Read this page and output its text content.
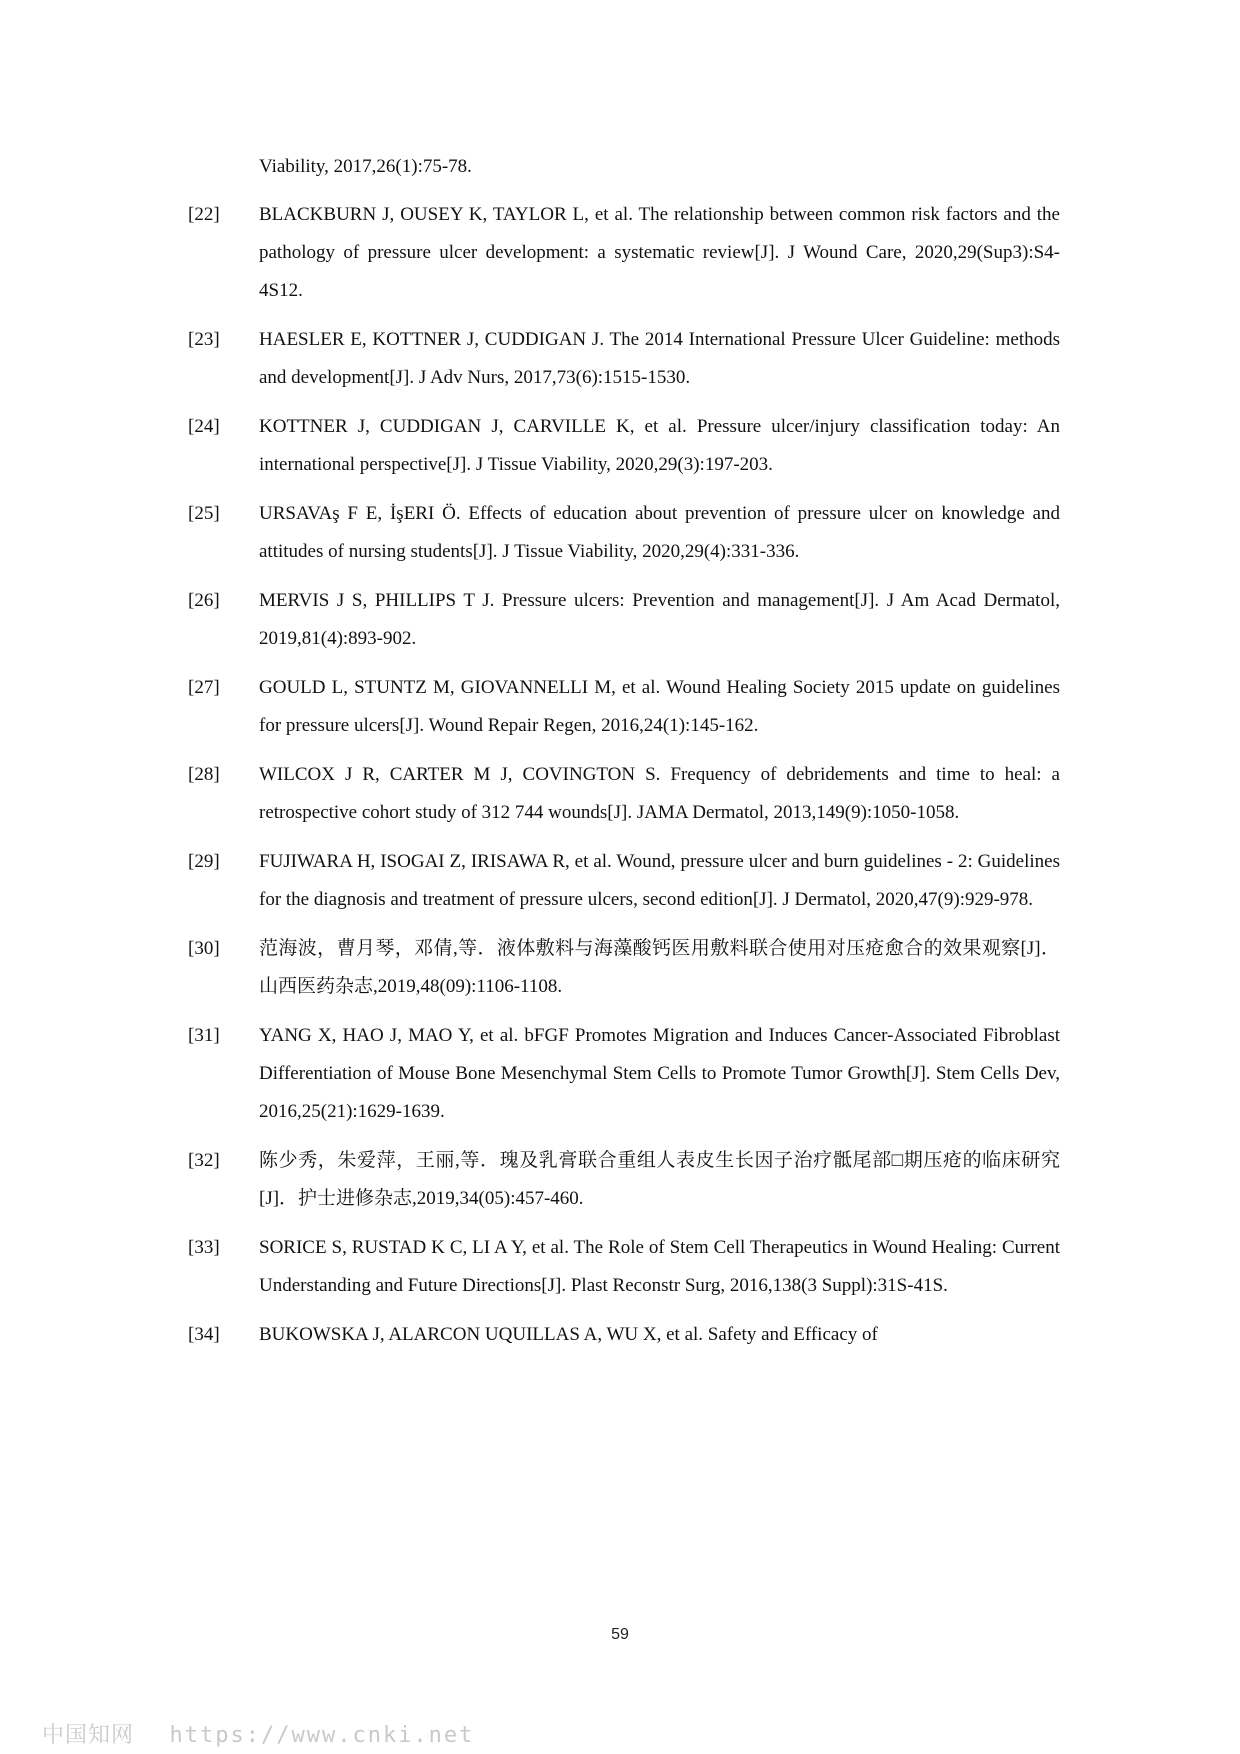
Viability, 2017,26(1):75-78.
[22] BLACKBURN J, OUSEY K, TAYLOR L, et al. The relationship between common risk factors and the pathology of pressure ulcer development: a systematic review[J]. J Wound Care, 2020,29(Sup3):S4-4S12.
[23] HAESLER E, KOTTNER J, CUDDIGAN J. The 2014 International Pressure Ulcer Guideline: methods and development[J]. J Adv Nurs, 2017,73(6):1515-1530.
[24] KOTTNER J, CUDDIGAN J, CARVILLE K, et al. Pressure ulcer/injury classification today: An international perspective[J]. J Tissue Viability, 2020,29(3):197-203.
[25] URSAVAş F E, İşERI Ö. Effects of education about prevention of pressure ulcer on knowledge and attitudes of nursing students[J]. J Tissue Viability, 2020,29(4):331-336.
[26] MERVIS J S, PHILLIPS T J. Pressure ulcers: Prevention and management[J]. J Am Acad Dermatol, 2019,81(4):893-902.
[27] GOULD L, STUNTZ M, GIOVANNELLI M, et al. Wound Healing Society 2015 update on guidelines for pressure ulcers[J]. Wound Repair Regen, 2016,24(1):145-162.
[28] WILCOX J R, CARTER M J, COVINGTON S. Frequency of debridements and time to heal: a retrospective cohort study of 312 744 wounds[J]. JAMA Dermatol, 2013,149(9):1050-1058.
[29] FUJIWARA H, ISOGAI Z, IRISAWA R, et al. Wound, pressure ulcer and burn guidelines - 2: Guidelines for the diagnosis and treatment of pressure ulcers, second edition[J]. J Dermatol, 2020,47(9):929-978.
[30] 范海波，曹月琴，邓倩,等．液体敷料与海藻酸钙医用敷料联合使用对压疮愈合的效果观察[J]．山西医药杂志,2019,48(09):1106-1108.
[31] YANG X, HAO J, MAO Y, et al. bFGF Promotes Migration and Induces Cancer-Associated Fibroblast Differentiation of Mouse Bone Mesenchymal Stem Cells to Promote Tumor Growth[J]. Stem Cells Dev, 2016,25(21):1629-1639.
[32] 陈少秀，朱爱萍，王丽,等．瑰及乳膏联合重组人表皮生长因子治疗骶尾部□期压疮的临床研究[J]．护士进修杂志,2019,34(05):457-460.
[33] SORICE S, RUSTAD K C, LI A Y, et al. The Role of Stem Cell Therapeutics in Wound Healing: Current Understanding and Future Directions[J]. Plast Reconstr Surg, 2016,138(3 Suppl):31S-41S.
[34] BUKOWSKA J, ALARCON UQUILLAS A, WU X, et al. Safety and Efficacy of
59
中国知网 https://www.cnki.net
